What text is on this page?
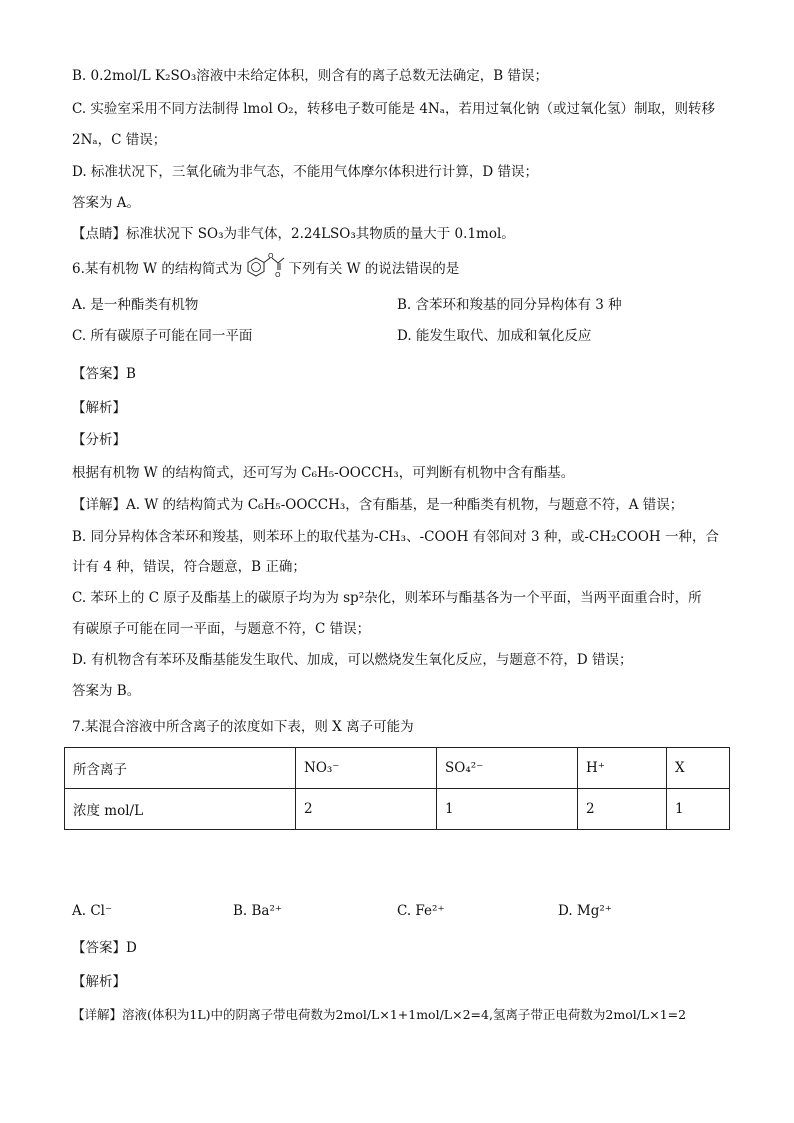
B. 0.2mol/L K₂SO₃溶液中未给定体积，则含有的离子总数无法确定，B 错误；
C. 实验室采用不同方法制得 lmol O₂，转移电子数可能是 4Nₐ，若用过氧化钠（或过氧化氢）制取，则转移
2Nₐ，C 错误；
D. 标准状况下，三氧化硫为非气态，不能用气体摩尔体积进行计算，D 错误；
答案为 A。
【点睛】标准状况下 SO₃为非气体，2.24LSO₃其物质的量大于 0.1mol。
6.某有机物 W 的结构简式为	下列有关 W 的说法错误的是
O
O
A. 是一种酯类有机物	B. 含苯环和羧基的同分异构体有 3 种
C. 所有碳原子可能在同一平面	D. 能发生取代、加成和氧化反应
【答案】B
【解析】
【分析】
根据有机物 W 的结构简式，还可写为 C₆H₅-OOCCH₃，可判断有机物中含有酯基。
【详解】A. W 的结构简式为 C₆H₅-OOCCH₃，含有酯基，是一种酯类有机物，与题意不符，A 错误；
B. 同分异构体含苯环和羧基，则苯环上的取代基为-CH₃、-COOH 有邻间对 3 种，或-CH₂COOH 一种，合
计有 4 种，错误，符合题意，B 正确；
C. 苯环上的 C 原子及酯基上的碳原子均为为 sp²杂化，则苯环与酯基各为一个平面，当两平面重合时，所
有碳原子可能在同一平面，与题意不符，C 错误；
D. 有机物含有苯环及酯基能发生取代、加成，可以燃烧发生氧化反应，与题意不符，D 错误；
答案为 B。
7.某混合溶液中所含离子的浓度如下表，则 X 离子可能为
所含离子	NO₃⁻	SO₄²⁻	H⁺	X
浓度 mol/L	2	1	2	1
A. Cl⁻	B. Ba²⁺	C. Fe²⁺	D. Mg²⁺
【答案】D
【解析】
【详解】溶液(体积为1L)中的阴离子带电荷数为2mol/L×1+1mol/L×2=4,氢离子带正电荷数为2mol/L×1=2
